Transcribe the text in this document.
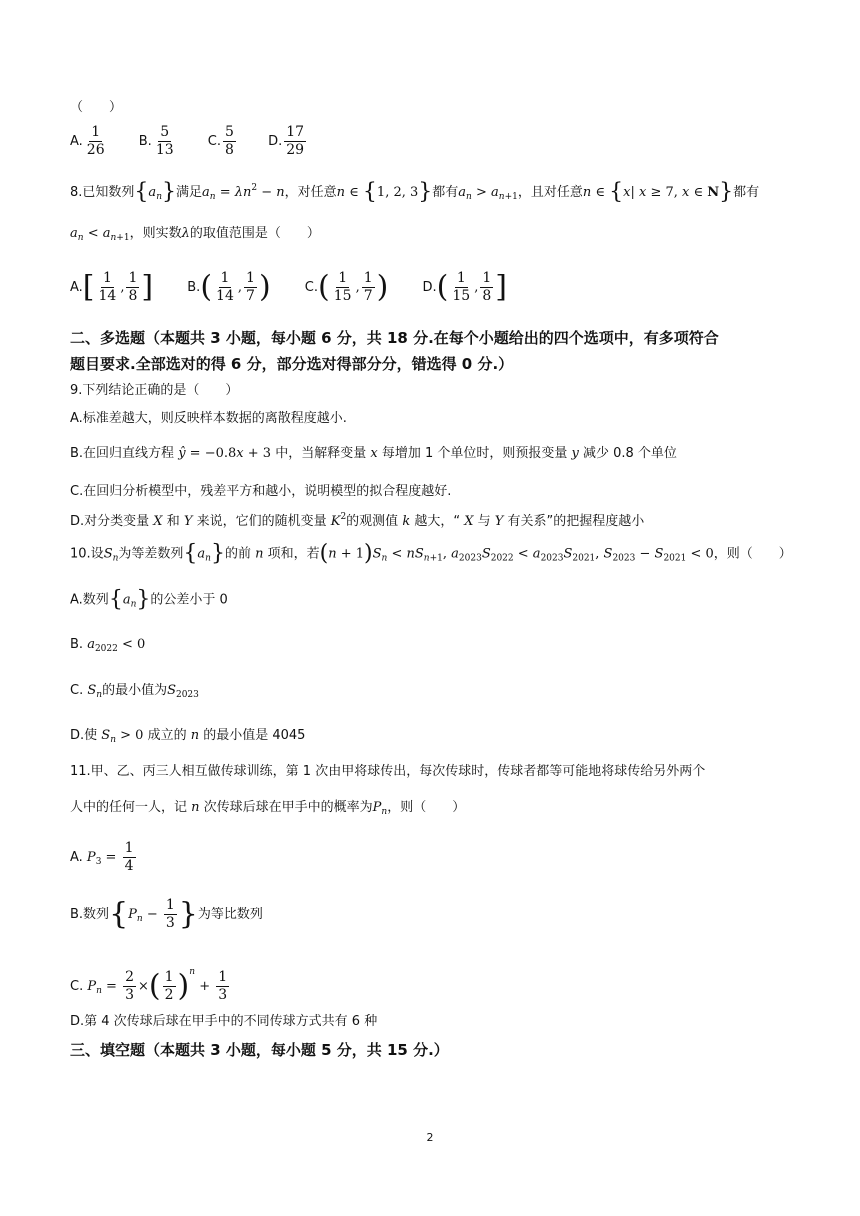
（　　）
A. $\frac{1}{26} B$. $\frac{5}{13} C$. $\frac{5}{8} D$. $\frac{17}{29}$
8.已知数列$\{a_n\}$满足$a_n = \lambda n^2 - n$，对任意n ∈ {1, 2, 3}都有$a_n > a_{n+1}$，且对任意n ∈ {x| x ≥ 7, x ∈ N}都有
$a_n < a_{n+1}$，则实数λ的取值范围是（　　）
$A.[ \frac{1}{14}$ , $\frac{1}{8}$ ]	$B.( \frac{1}{14}$ , $\frac{1}{7}$ )	$C.( \frac{1}{15}$ , $\frac{1}{7}$ )	$D.( \frac{1}{15}$ , $\frac{1}{8}$ ]
二、多选题（本题共 3 小题，每小题 6 分，共 18 分.在每个小题给出的四个选项中，有多项符合
题目要求.全部选对的得 6 分，部分选对得部分分，错选得 0 分.）
9.下列结论正确的是（　　）
A.标准差越大，则反映样本数据的离散程度越小.
B.在回归直线方程 ŷ = −0.8x + 3 中，当解释变量 x 每增加 1 个单位时，则预报变量 y 减少 0.8 个单位
C.在回归分析模型中，残差平方和越小，说明模型的拟合程度越好.
D.对分类变量 X 和 Y 来说，它们的随机变量 $K^2$的观测值 k 越大，“ X 与 Y 有关系”的把握程度越小
10.设$S_n$为等差数列$\{a_n\}$的前 n 项和，若$(n + 1)S_n < nS_{n+1}$, $a_{2023}S_{2022} < a_{2023}S_{2021}$, $S_{2023} - S_{2021} < 0$，则（　　）
A.数列$\{a_n\}$的公差小于 0
B. $a_{2022} < 0$
C. $S_n$的最小值为$S_{2023}$
D.使 $S_n > 0$ 成立的 n 的最小值是 4045
11.甲、乙、丙三人相互做传球训练，第 1 次由甲将球传出，每次传球时，传球者都等可能地将球传给另外两个
人中的任何一人，记 n 次传球后球在甲手中的概率为$P_n$，则（　　）
A. $P_3 = \frac{1}{4}$
B.数列{$P_n - \frac{1}{3}$ }为等比数列
C. $P_n = \frac{2}{3}$ ×( $\frac{1}{2} )^n + \frac{1}{3}$
D.第 4 次传球后球在甲手中的不同传球方式共有 6 种
三、填空题（本题共 3 小题，每小题 5 分，共 15 分.）
2
